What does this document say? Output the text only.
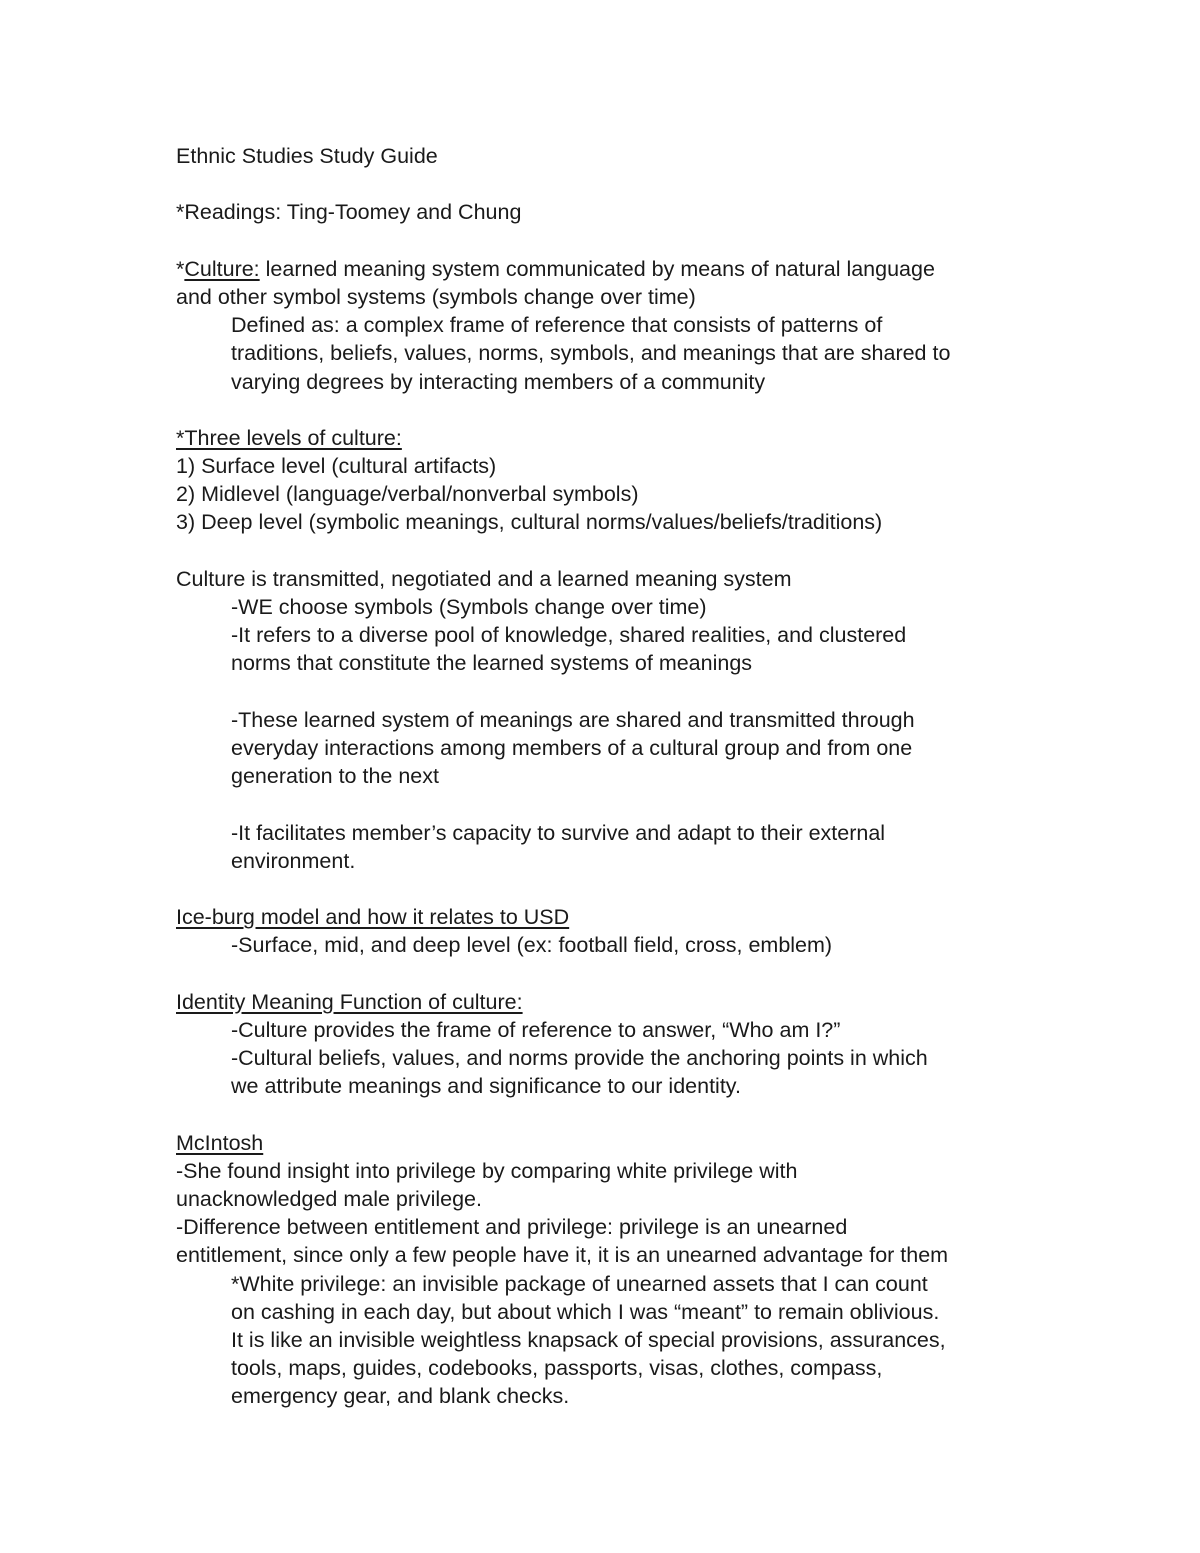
Ethnic Studies Study Guide
*Readings: Ting-Toomey and Chung
*Culture: learned meaning system communicated by means of natural language
and other symbol systems (symbols change over time)
Defined as: a complex frame of reference that consists of patterns of
traditions, beliefs, values, norms, symbols, and meanings that are shared to
varying degrees by interacting members of a community
*Three levels of culture:
1) Surface level (cultural artifacts)
2) Midlevel (language/verbal/nonverbal symbols)
3) Deep level (symbolic meanings, cultural norms/values/beliefs/traditions)
Culture is transmitted, negotiated and a learned meaning system
-WE choose symbols (Symbols change over time)
-It refers to a diverse pool of knowledge, shared realities, and clustered
norms that constitute the learned systems of meanings
-These learned system of meanings are shared and transmitted through
everyday interactions among members of a cultural group and from one
generation to the next
-It facilitates member’s capacity to survive and adapt to their external
environment.
Ice-burg model and how it relates to USD
-Surface, mid, and deep level (ex: football field, cross, emblem)
Identity Meaning Function of culture:
-Culture provides the frame of reference to answer, “Who am I?”
-Cultural beliefs, values, and norms provide the anchoring points in which
we attribute meanings and significance to our identity.
McIntosh
-She found insight into privilege by comparing white privilege with
unacknowledged male privilege.
-Difference between entitlement and privilege: privilege is an unearned
entitlement, since only a few people have it, it is an unearned advantage for them
*White privilege: an invisible package of unearned assets that I can count
on cashing in each day, but about which I was “meant” to remain oblivious.
It is like an invisible weightless knapsack of special provisions, assurances,
tools, maps, guides, codebooks, passports, visas, clothes, compass,
emergency gear, and blank checks.
